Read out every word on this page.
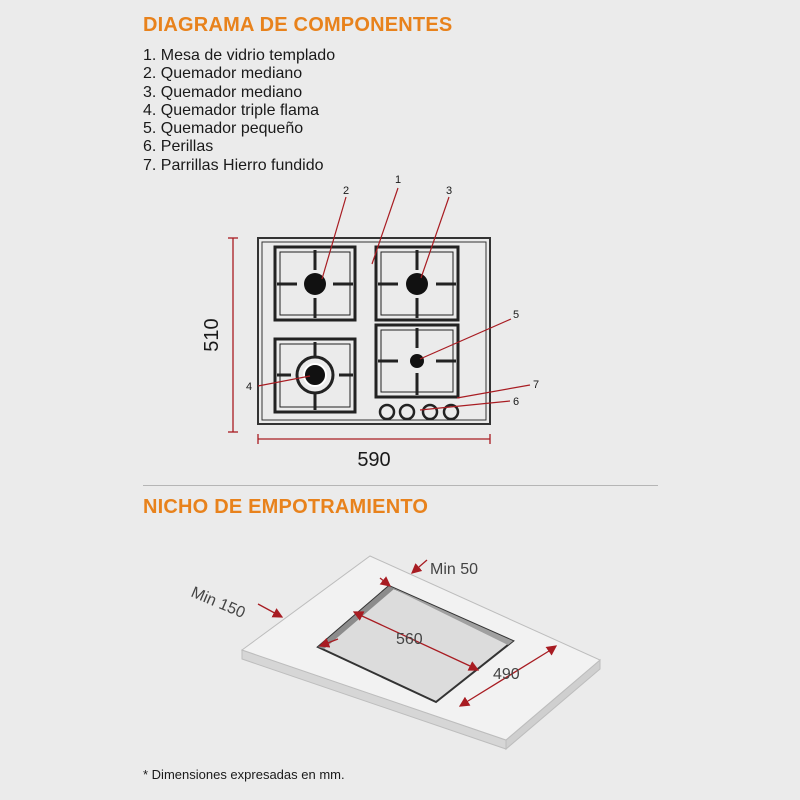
DIAGRAMA DE COMPONENTES
1. Mesa de vidrio templado
2. Quemador mediano
3. Quemador mediano
4. Quemador triple flama
5. Quemador pequeño
6. Perillas
7. Parrillas Hierro fundido
1
2	3
4
5
6
7
510
590
Min 50
Min 150
560
490
NICHO DE EMPOTRAMIENTO
* Dimensiones expresadas en mm.
